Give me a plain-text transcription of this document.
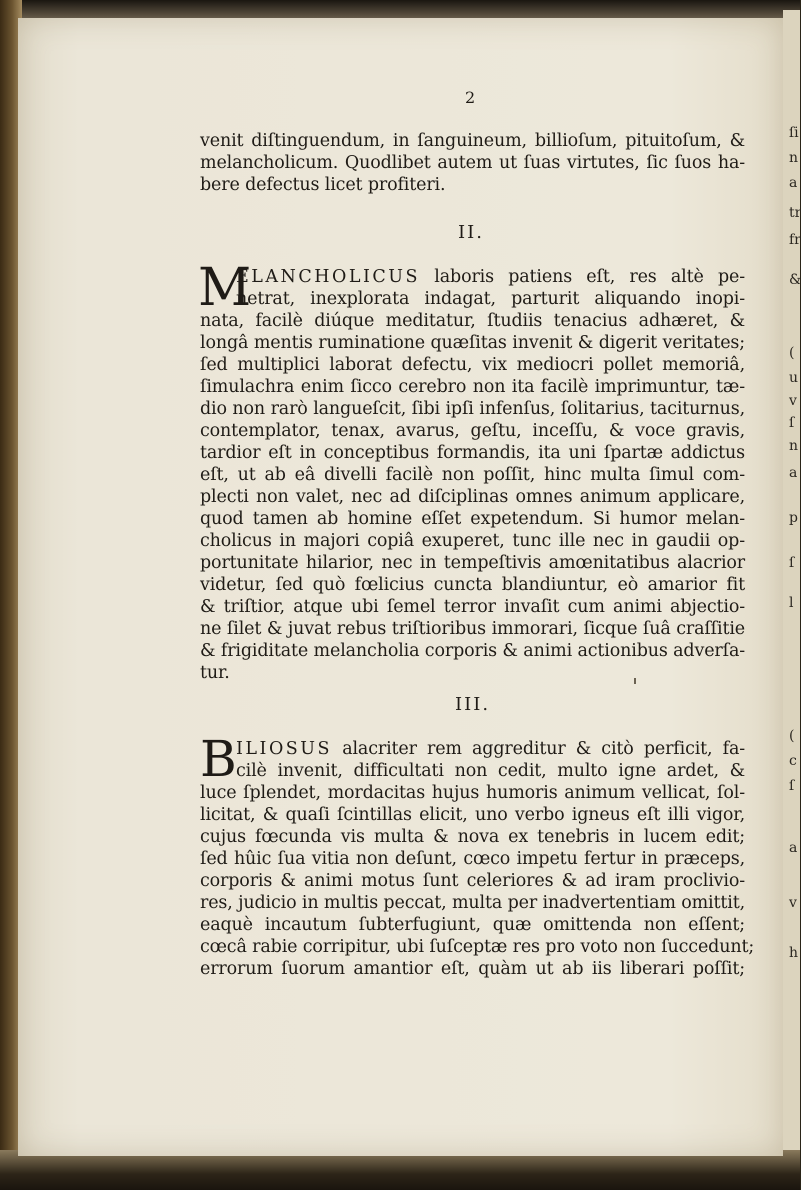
ſi
n
a
tr
fr
&
(
u
v
ſ
n
a
p
ſ
l
(
c
ſ
a
v
h
2
venit diſtinguendum, in ſanguineum, billioſum, pituitoſum, &
melancholicum. Quodlibet autem ut ſuas virtutes, ſic ſuos ha-
bere defectus licet profiteri.
II.
M
ELANCHOLICUS laboris patiens eſt, res altè pe-
netrat, inexplorata indagat, parturit aliquando inopi-
nata, facilè diúque meditatur, ſtudiis tenacius adhæret, &
longâ mentis ruminatione quæſitas invenit & digerit veritates;
ſed multiplici laborat defectu, vix mediocri pollet memoriâ,
ſimulachra enim ſicco cerebro non ita facilè imprimuntur, tæ-
dio non rarò langueſcit, ſibi ipſi infenſus, ſolitarius, taciturnus,
contemplator, tenax, avarus, geſtu, inceſſu, & voce gravis,
tardior eſt in conceptibus formandis, ita uni ſpartæ addictus
eſt, ut ab eâ divelli facilè non poſſit, hinc multa ſimul com-
plecti non valet, nec ad diſciplinas omnes animum applicare,
quod tamen ab homine eſſet expetendum. Si humor melan-
cholicus in majori copiâ exuperet, tunc ille nec in gaudii op-
portunitate hilarior, nec in tempeſtivis amœnitatibus alacrior
videtur, ſed quò fœlicius cuncta blandiuntur, eò amarior fit
& triſtior, atque ubi ſemel terror invaſit cum animi abjectio-
ne ſilet & juvat rebus triſtioribus immorari, ſicque ſuâ craſſitie
& frigiditate melancholia corporis & animi actionibus adverſa-
tur.
III.
B ILIOSUS alacriter rem aggreditur & citò perficit, fa-
cilè invenit, difficultati non cedit, multo igne ardet, &
luce ſplendet, mordacitas hujus humoris animum vellicat, ſol-
licitat, & quaſi ſcintillas elicit, uno verbo igneus eſt illi vigor,
cujus fœcunda vis multa & nova ex tenebris in lucem edit;
ſed hûic ſua vitia non deſunt, cœco impetu fertur in præceps,
corporis & animi motus ſunt celeriores & ad iram proclivio-
res, judicio in multis peccat, multa per inadvertentiam omittit,
eaquè incautum ſubterfugiunt, quæ omittenda non eſſent;
cœcâ rabie corripitur, ubi ſuſceptæ res pro voto non ſuccedunt;
errorum ſuorum amantior eſt, quàm ut ab iis liberari poſſit;
